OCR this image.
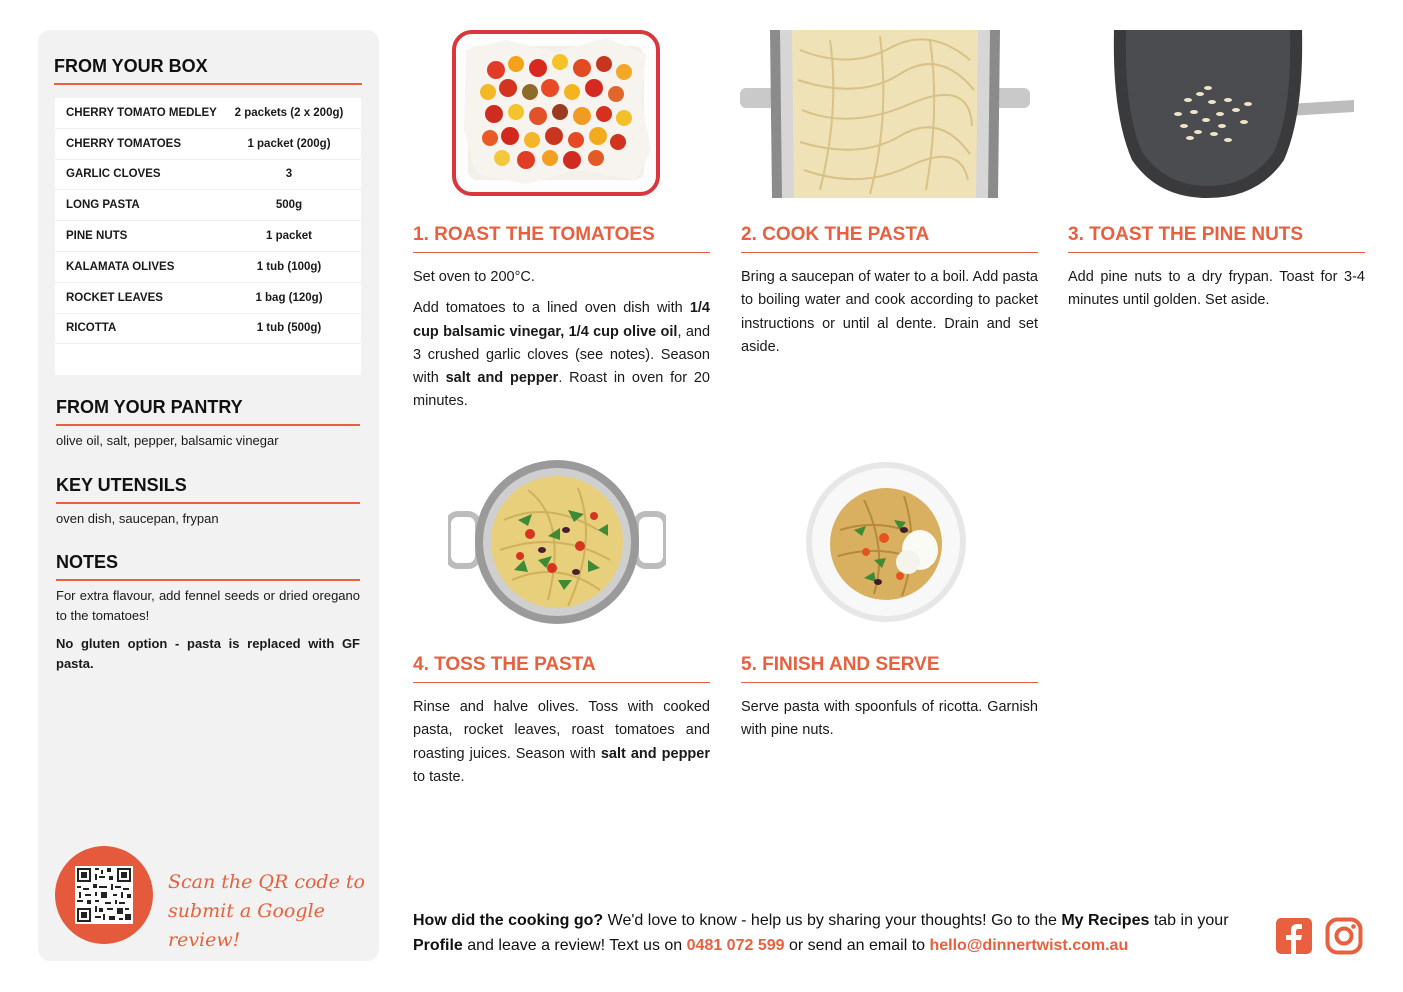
FROM YOUR BOX
CHERRY TOMATO MEDLEY	2 packets (2 x 200g)
CHERRY TOMATOES	1 packet (200g)
GARLIC CLOVES	3
LONG PASTA	500g
PINE NUTS	1 packet
KALAMATA OLIVES	1 tub (100g)
ROCKET LEAVES	1 bag (120g)
RICOTTA	1 tub (500g)
FROM YOUR PANTRY
olive oil, salt, pepper, balsamic vinegar
KEY UTENSILS
oven dish, saucepan, frypan
NOTES
For extra flavour, add fennel seeds or dried oregano to the tomatoes!
No gluten option - pasta is replaced with GF pasta.
Scan the QR code to
submit a Google review!
1. ROAST THE TOMATOES

Set oven to 200°C.

Add tomatoes to a lined oven dish with 1/4 cup balsamic vinegar, 1/4 cup olive oil, and 3 crushed garlic cloves (see notes). Season with salt and pepper. Roast in oven for 20 minutes.

2. COOK THE PASTA

Bring a saucepan of water to a boil. Add pasta to boiling water and cook according to packet instructions or until al dente. Drain and set aside.

3. TOAST THE PINE NUTS

Add pine nuts to a dry frypan. Toast for 3-4 minutes until golden. Set aside.

4. TOSS THE PASTA

Rinse and halve olives. Toss with cooked pasta, rocket leaves, roast tomatoes and roasting juices. Season with salt and pepper to taste.

5. FINISH AND SERVE

Serve pasta with spoonfuls of ricotta. Garnish with pine nuts.

How did the cooking go? We'd love to know - help us by sharing your thoughts! Go to the My Recipes tab in your Profile and leave a review! Text us on 0481 072 599 or send an email to hello@dinnertwist.com.au
